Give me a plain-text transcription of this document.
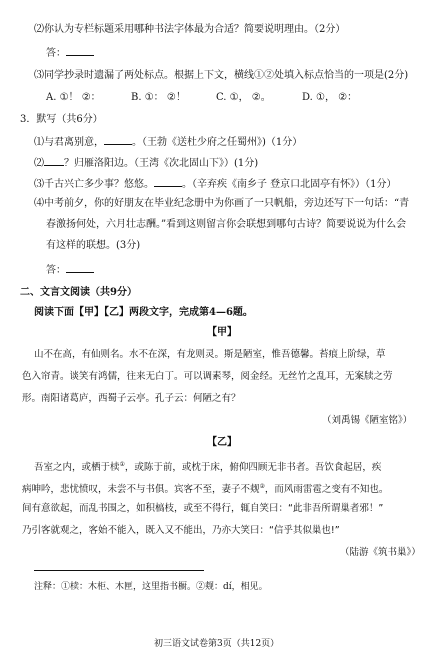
⑵你认为专栏标题采用哪种书法字体最为合适？简要说明理由。（2分）
答：
⑶同学抄录时遗漏了两处标点。根据上下文，横线①②处填入标点恰当的一项是(2分)
A. ①！ ②：	B. ①： ②！	C. ①， ②。	D. ①， ②：
3．默写（共6分）
⑴与君离别意，	。（王勃《送杜少府之任蜀州》)（1分）
⑵ ？归雁洛阳边。（王湾《次北固山下》）(1分)
⑶千古兴亡多少事？悠悠。	。（辛弃疾《南乡子 登京口北固亭有怀》）（1分）
⑷中考前夕，你的好朋友在毕业纪念册中为你画了一只帆船，旁边还写下一句话：“青
春激扬何处，六月壮志酬。”看到这则留言你会联想到哪句古诗？简要说说为什么会
有这样的联想。(3分)
答：
二、文言文阅读（共9分）
阅读下面【甲】【乙】两段文字，完成第4—6题。
【甲】
山不在高，有仙则名。水不在深，有龙则灵。斯是陋室，惟吾德馨。苔痕上阶绿，草
色入帘青。谈笑有鸿儒，往来无白丁。可以调素琴，阅金经。无丝竹之乱耳，无案牍之劳
形。南阳诸葛庐，西蜀子云亭。孔子云：何陋之有？
（刘禹锡《陋室铭》）
【乙】
吾室之内，或栖于椟①，或陈于前，或枕于床，俯仰四顾无非书者。吾饮食起居，疾
病呻吟，悲忧愤叹，未尝不与书俱。宾客不至，妻子不觌②，而风雨雷雹之变有不知也。
间有意欲起，而乱书围之，如积槁枝，或至不得行，辄自笑曰：“此非吾所谓巢者邪！”
乃引客就观之，客始不能入，既入又不能出，乃亦大笑曰：“信乎其似巢也!”
（陆游《筑书巢》）
注释：①椟：木柜、木匣，这里指书橱。②觌：dí，相见。
初三语文试卷第3页（共12页）
